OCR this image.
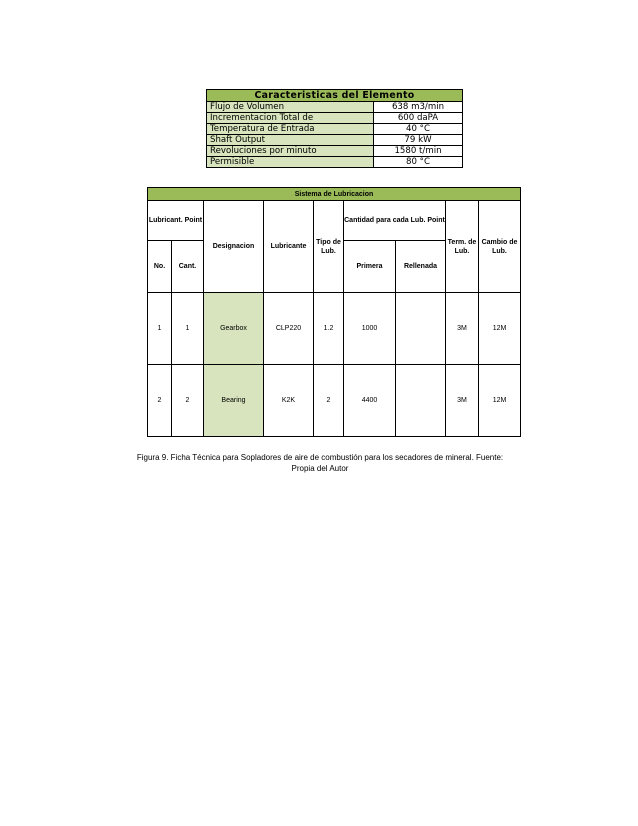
Caracteristicas del Elemento	
Flujo de Volumen	638 m3/min
Incrementacion Total de	600 daPA
Temperatura de Entrada	40 °C
Shaft Output	79 kW
Revoluciones por minuto	1580 t/min
Permisible	80 °C
Sistema de Lubricacion								
Lubricant. Point		Designacion	Lubricante	Tipo de Lub.	Cantidad para cada Lub. Point		Term. de Lub.	Cambio de Lub.
No.	Cant.				Primera	Rellenada		
1	1	Gearbox	CLP220	1.2	1000		3M	12M
2	2	Bearing	K2K	2	4400		3M	12M
Figura 9. Ficha Técnica para Sopladores de aire de combustión para los secadores de mineral. Fuente:
Propia del Autor
